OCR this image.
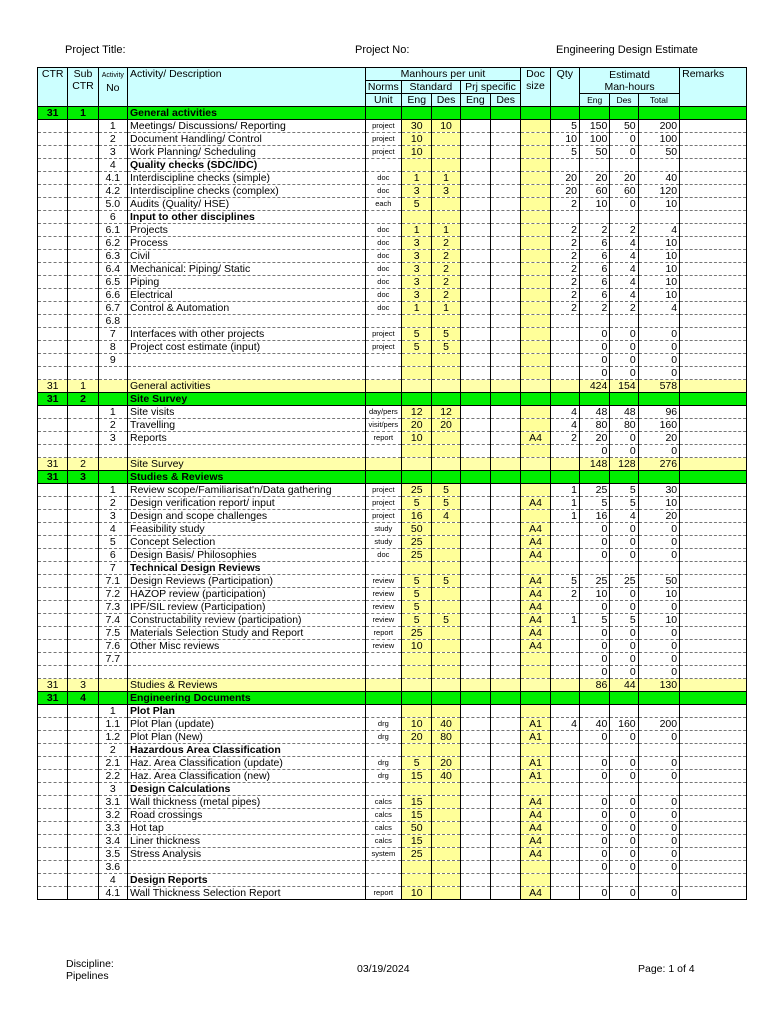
Project Title:	Project No:	Engineering Design Estimate
CTR	Sub
CTR	Activity
No	Activity/ Description	Manhours per unit					Doc
size	Qty	Estimatd
Man-hours			Remarks
				Norms	Standard		Prj specific							
				Unit	Eng	Des	Eng	Des			Eng	Des	Total	
31	1		General activities											
		1	Meetings/ Discussions/ Reporting	project	30	10				5	150	50	200	
		2	Document Handling/ Control	project	10					10	100	0	100	
		3	Work Planning/ Scheduling	project	10					5	50	0	50	
		4	Quality checks (SDC/IDC)											
		4.1	Interdiscipline checks (simple)	doc	1	1				20	20	20	40	
		4.2	Interdiscipline checks (complex)	doc	3	3				20	60	60	120	
		5.0	Audits (Quality/ HSE)	each	5					2	10	0	10	
		6	Input to other disciplines											
		6.1	Projects	doc	1	1				2	2	2	4	
		6.2	Process	doc	3	2				2	6	4	10	
		6.3	Civil	doc	3	2				2	6	4	10	
		6.4	Mechanical: Piping/ Static	doc	3	2				2	6	4	10	
		6.5	Piping	doc	3	2				2	6	4	10	
		6.6	Electrical	doc	3	2				2	6	4	10	
		6.7	Control & Automation	doc	1	1				2	2	2	4	
		6.8												
		7	Interfaces with other projects	project	5	5					0	0	0	
		8	Project cost estimate (input)	project	5	5					0	0	0	
		9									0	0	0	
											0	0	0	
31	1		General activities								424	154	578	
31	2		Site Survey											
		1	Site visits	day/pers	12	12				4	48	48	96	
		2	Travelling	visit/pers	20	20				4	80	80	160	
		3	Reports	report	10				A4	2	20	0	20	
											0	0	0	
31	2		Site Survey								148	128	276	
31	3		Studies & Reviews											
		1	Review scope/Familiarisat'n/Data gathering	project	25	5				1	25	5	30	
		2	Design verification report/ input	project	5	5			A4	1	5	5	10	
		3	Design and scope challenges	project	16	4				1	16	4	20	
		4	Feasibility study	study	50				A4		0	0	0	
		5	Concept Selection	study	25				A4		0	0	0	
		6	Design Basis/ Philosophies	doc	25				A4		0	0	0	
		7	Technical Design Reviews											
		7.1	Design Reviews (Participation)	review	5	5			A4	5	25	25	50	
		7.2	HAZOP review (participation)	review	5				A4	2	10	0	10	
		7.3	IPF/SIL review (Participation)	review	5				A4		0	0	0	
		7.4	Constructability review (participation)	review	5	5			A4	1	5	5	10	
		7.5	Materials Selection Study and Report	report	25				A4		0	0	0	
		7.6	Other Misc reviews	review	10				A4		0	0	0	
		7.7									0	0	0	
											0	0	0	
31	3		Studies & Reviews								86	44	130	
31	4		Engineering Documents											
		1	Plot Plan											
		1.1	Plot Plan (update)	drg	10	40			A1	4	40	160	200	
		1.2	Plot Plan (New)	drg	20	80			A1		0	0	0	
		2	Hazardous Area Classification											
		2.1	Haz. Area Classification (update)	drg	5	20			A1		0	0	0	
		2.2	Haz. Area Classification (new)	drg	15	40			A1		0	0	0	
		3	Design Calculations											
		3.1	Wall thickness (metal pipes)	calcs	15				A4		0	0	0	
		3.2	Road crossings	calcs	15				A4		0	0	0	
		3.3	Hot tap	calcs	50				A4		0	0	0	
		3.4	Liner thickness	calcs	15				A4		0	0	0	
		3.5	Stress Analysis	system	25				A4		0	0	0	
		3.6									0	0	0	
		4	Design Reports											
		4.1	Wall Thickness Selection Report	report	10				A4		0	0	0	
Discipline:
Pipelines
03/19/2024	Page: 1 of 4
